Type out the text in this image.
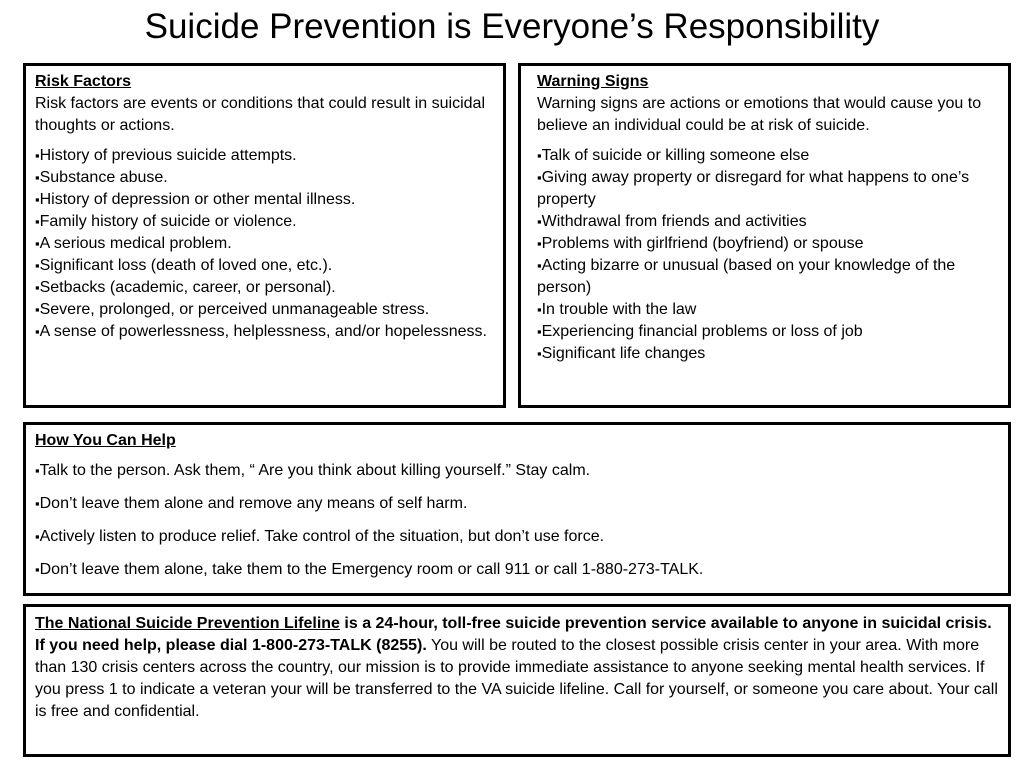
Suicide Prevention is Everyone’s Responsibility
Risk Factors

Risk factors are events or conditions that could result in suicidal thoughts or actions.

▪History of previous suicide attempts.
▪Substance abuse.
▪History of depression or other mental illness.
▪Family history of suicide or violence.
▪A serious medical problem.
▪Significant loss (death of loved one, etc.).
▪Setbacks (academic, career, or personal).
▪Severe, prolonged, or perceived unmanageable stress.
▪A sense of powerlessness, helplessness, and/or hopelessness.
Warning Signs

Warning signs are actions or emotions that would cause you to believe an individual could be at risk of suicide.

▪Talk of suicide or killing someone else
▪Giving away property or disregard for what happens to one’s property
▪Withdrawal from friends and activities
▪Problems with girlfriend (boyfriend) or spouse
▪Acting bizarre or unusual (based on your knowledge of the person)
▪In trouble with the law
▪Experiencing financial problems or loss of job
▪Significant life changes
How You Can Help
▪Talk to the person. Ask them, “ Are you think about killing yourself.” Stay calm.
▪Don’t leave them alone and remove any means of self harm.
▪Actively listen to produce relief. Take control of the situation, but don’t use force.
▪Don’t leave them alone, take them to the Emergency room or call 911 or call 1-880-273-TALK.

The National Suicide Prevention Lifeline is a 24-hour, toll-free suicide prevention service available to anyone in suicidal crisis. If you need help, please dial 1-800-273-TALK (8255). You will be routed to the closest possible crisis center in your area. With more than 130 crisis centers across the country, our mission is to provide immediate assistance to anyone seeking mental health services. If you press 1 to indicate a veteran your will be transferred to the VA suicide lifeline. Call for yourself, or someone you care about. Your call is free and confidential.
